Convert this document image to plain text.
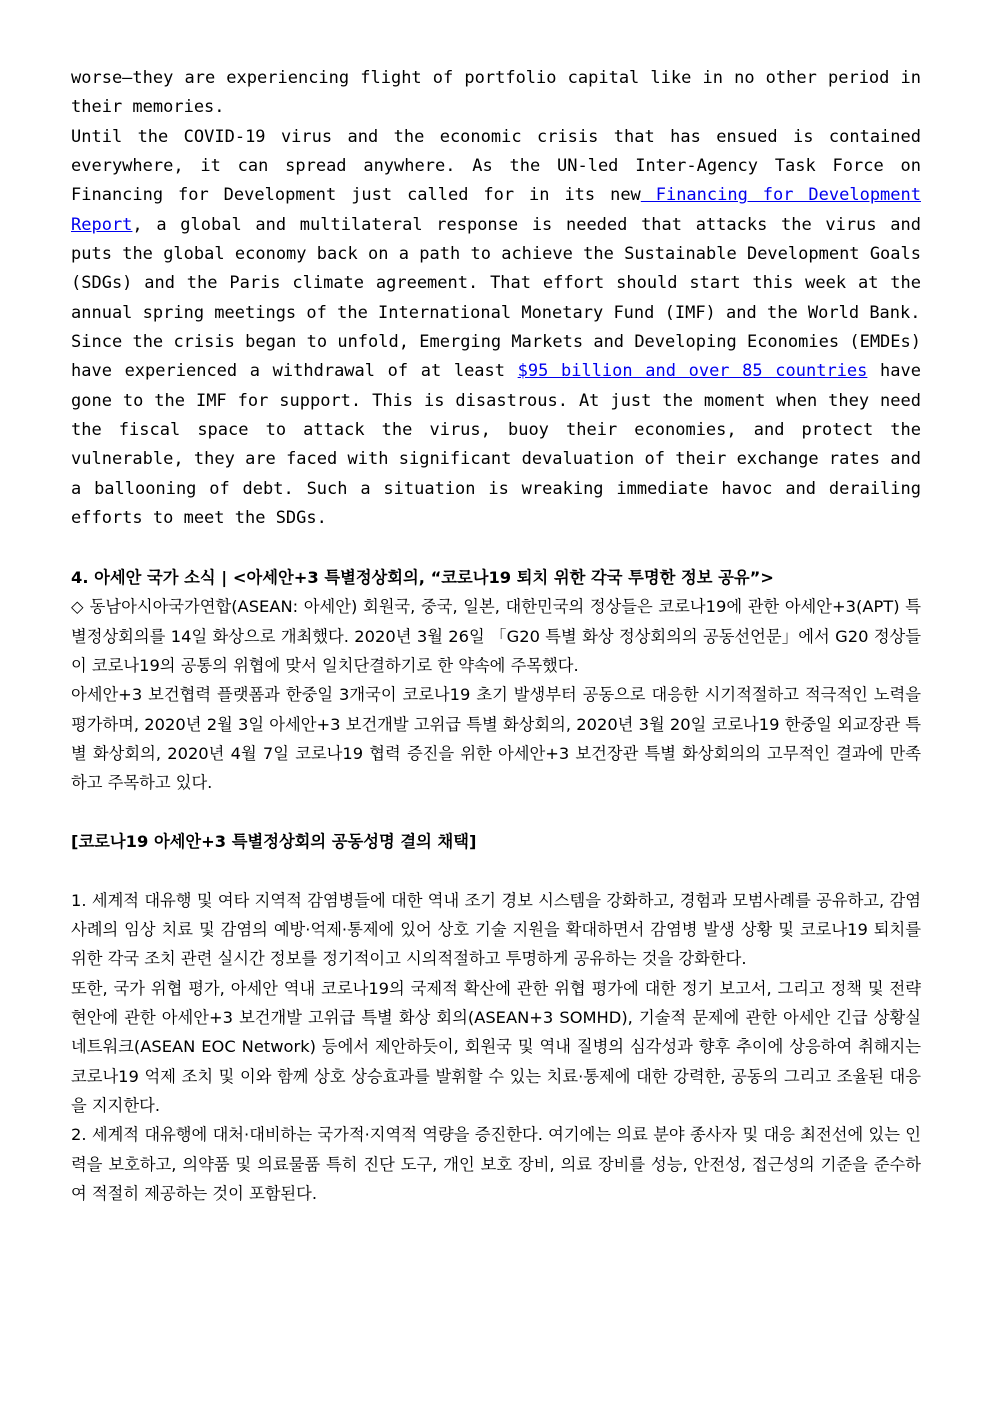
worse—they are experiencing flight of portfolio capital like in no other period in their memories.

Until the COVID-19 virus and the economic crisis that has ensued is contained everywhere, it can spread anywhere. As the UN-led Inter-Agency Task Force on Financing for Development just called for in its new Financing for Development Report, a global and multilateral response is needed that attacks the virus and puts the global economy back on a path to achieve the Sustainable Development Goals (SDGs) and the Paris climate agreement. That effort should start this week at the annual spring meetings of the International Monetary Fund (IMF) and the World Bank.

Since the crisis began to unfold, Emerging Markets and Developing Economies (EMDEs) have experienced a withdrawal of at least $95 billion and over 85 countries have gone to the IMF for support. This is disastrous. At just the moment when they need the fiscal space to attack the virus, buoy their economies, and protect the vulnerable, they are faced with significant devaluation of their exchange rates and a ballooning of debt. Such a situation is wreaking immediate havoc and derailing efforts to meet the SDGs.

4. 아세안 국가 소식 | <아세안+3 특별정상회의, “코로나19 퇴치 위한 각국 투명한 정보 공유”>

◇ 동남아시아국가연합(ASEAN: 아세안) 회원국, 중국, 일본, 대한민국의 정상들은 코로나19에 관한 아세안+3(APT) 특별정상회의를 14일 화상으로 개최했다. 2020년 3월 26일 「G20 특별 화상 정상회의의 공동선언문」에서 G20 정상들이 코로나19의 공통의 위협에 맞서 일치단결하기로 한 약속에 주목했다.

아세안+3 보건협력 플랫폼과 한중일 3개국이 코로나19 초기 발생부터 공동으로 대응한 시기적절하고 적극적인 노력을 평가하며, 2020년 2월 3일 아세안+3 보건개발 고위급 특별 화상회의, 2020년 3월 20일 코로나19 한중일 외교장관 특별 화상회의, 2020년 4월 7일 코로나19 협력 증진을 위한 아세안+3 보건장관 특별 화상회의의 고무적인 결과에 만족하고 주목하고 있다.

[코로나19 아세안+3 특별정상회의 공동성명 결의 채택]

1. 세계적 대유행 및 여타 지역적 감염병들에 대한 역내 조기 경보 시스템을 강화하고, 경험과 모범사례를 공유하고, 감염 사례의 임상 치료 및 감염의 예방·억제·통제에 있어 상호 기술 지원을 확대하면서 감염병 발생 상황 및 코로나19 퇴치를 위한 각국 조치 관련 실시간 정보를 정기적이고 시의적절하고 투명하게 공유하는 것을 강화한다.

또한, 국가 위협 평가, 아세안 역내 코로나19의 국제적 확산에 관한 위협 평가에 대한 정기 보고서, 그리고 정책 및 전략 현안에 관한 아세안+3 보건개발 고위급 특별 화상 회의(ASEAN+3 SOMHD), 기술적 문제에 관한 아세안 긴급 상황실 네트워크(ASEAN EOC Network) 등에서 제안하듯이, 회원국 및 역내 질병의 심각성과 향후 추이에 상응하여 취해지는 코로나19 억제 조치 및 이와 함께 상호 상승효과를 발휘할 수 있는 치료·통제에 대한 강력한, 공동의 그리고 조율된 대응을 지지한다.

2. 세계적 대유행에 대처·대비하는 국가적·지역적 역량을 증진한다. 여기에는 의료 분야 종사자 및 대응 최전선에 있는 인력을 보호하고, 의약품 및 의료물품 특히 진단 도구, 개인 보호 장비, 의료 장비를 성능, 안전성, 접근성의 기준을 준수하여 적절히 제공하는 것이 포함된다.
